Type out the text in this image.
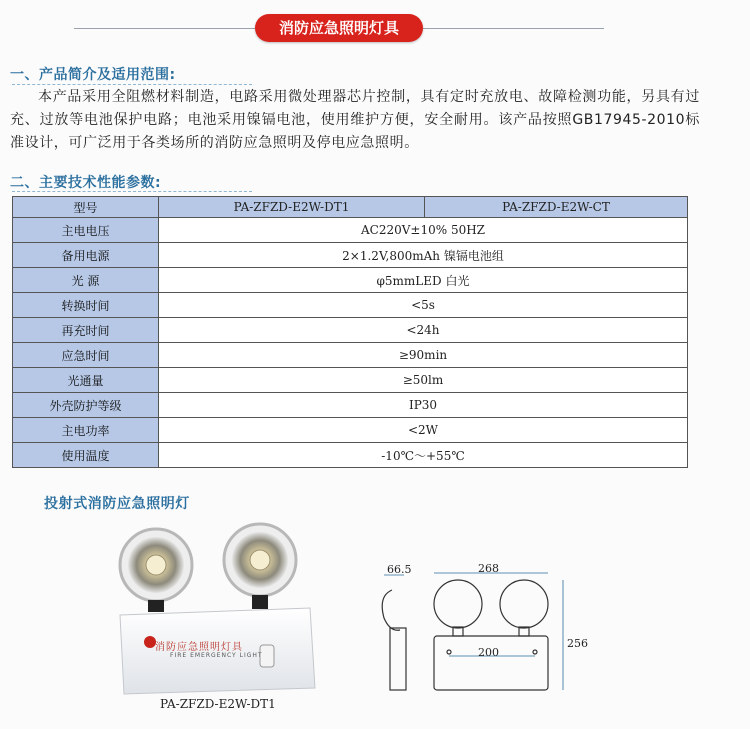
消防应急照明灯具
一、产品简介及适用范围:
本产品采用全阻燃材料制造，电路采用微处理器芯片控制，具有定时充放电、故障检测功能，另具有过充、过放等电池保护电路；电池采用镍镉电池，使用维护方便，安全耐用。该产品按照GB17945-2010标准设计，可广泛用于各类场所的消防应急照明及停电应急照明。
二、主要技术性能参数:
型号	PA-ZFZD-E2W-DT1	PA-ZFZD-E2W-CT
主电电压	AC220V±10% 50HZ	
备用电源	2×1.2V,800mAh 镍镉电池组	
光 源	φ5mmLED 白光	
转换时间	<5s	
再充时间	<24h	
应急时间	≥90min	
光通量	≥50lm	
外壳防护等级	IP30	
主电功率	<2W	
使用温度	-10℃～+55℃	
投射式消防应急照明灯
消防应急照明灯具
FIRE EMERGENCY LIGHT
PA-ZFZD-E2W-DT1
66.5	268
200
256
